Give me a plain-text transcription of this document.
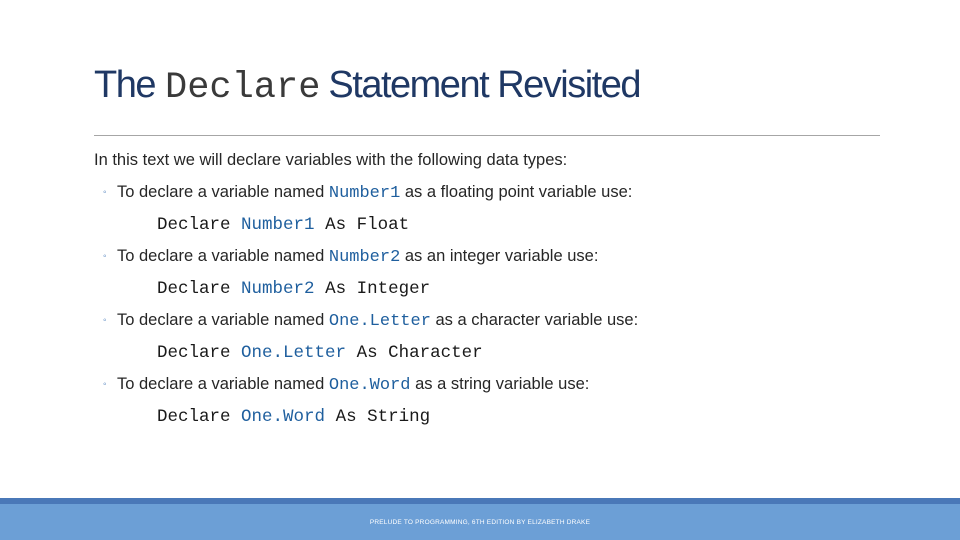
The Declare Statement Revisited
In this text we will declare variables with the following data types:
◦ To declare a variable named Number1 as a floating point variable use:
Declare Number1 As Float
◦ To declare a variable named Number2 as an integer variable use:
Declare Number2 As Integer
◦ To declare a variable named One.Letter as a character variable use:
Declare One.Letter As Character
◦ To declare a variable named One.Word as a string variable use:
Declare One.Word As String
PRELUDE TO PROGRAMMING, 6TH EDITION BY ELIZABETH DRAKE
